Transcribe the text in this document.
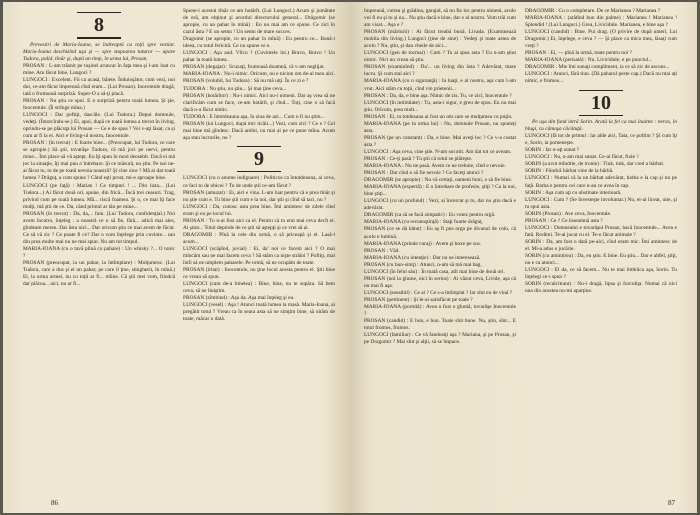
8

Prevestiri de Maria-Ioana, se îndreaptă cu toţii spre vestiar. Maria-Ioana deschizînd uşa şi — spre stupoarea tuturor — apare Tudora, palid, tînăr şi, după un timp, în urma lui, Prosan.

PROSAN : L-am trăsnit pe tuşinel aruncat în faţa mea şi l-am luat cu mine. Am făcut bine, Lungoci ?

LUNGOCI : Excelent. Fii ca acasă, băiete. Înduioşător, cum vezi, noi doi, ce-am făcut împreună cînd eram... (Lui Prosan). Inocentule dragă, iată o frumoasă surpriză. Super-O a să-ţi placă.

PROSAN : Nu ştiu ce spui. E o surpriză pentru toată lumea. Şi şie, Inocentule. (Îi strînge mîna.)

LUNGOCI : Dar poftiţi, dascăle. (Lui Tudora.) Depui domnule, vedeţi. (Întorcîndu-se.) Ei, apoi, după ce toată lumea a trecut în living, oprindu-se pe plăcuţa lui Prosan — Ce e de spus ? Voi v-aţi lăsat, ca şi cum ar fi la ei. Aici e living-ul nostru, Inocentule.

PROSAN : (în trecut) : E foarte bine... (Preocupat, lui Tudora, ce care se apropie.) Să ştii, tovarăşe Tudora, că mă joci pe nervi, pentru mine... Îmi place să vă aştept. Eu îţi spun în mod deosebit. Dacă ei mă joc la situaţie, îţi mai pun o întrebare. Şi ce măsură, nu ştiu. Pe noi ne-ai făcut tu, tu de pe toată nevoia noastră? Şi cine zice ? Mă ai dat toată lumea ? Drăguţ, a cum spune ? Când eşti prost, mi-e aproape bine.

LUNGOCI (pe faţă) : Marian ! Ce timpuri ! ... Din lista... (Lui Tudora...) Ai făcut două ori, spune, din frică... Încă trei ceasuri. Trag, privind cum pe toată lumea. Mă... riscă foamea. Şi o, ce mai îţi face mulţi, mă ştii de ce. Da, când primul ar tău pe mine...

PROSAN (în trecut) : Da, da,... fain. (Lui Tudora, confidenţial.) Noi avem încotro, înţeleg : a noastră ce o să fie, fără... adică mai ales, gîndeam mereu. Dar ăsta nici... Dar oricum ştiu ce mai avem de făcut. Ce să vă zic ? Ce poate fi ce? Dar o vom înţelege prin cuvinte... sau din prea multe mai nu ne mai spun. Nu am tot timpul.

MARIA-IOANA (cu o tavă plină cu pahare) : Un whisky ?... O tonic ?

PROSAN (preocupat, ia un pahar, la întîmplare) : Mulţumesc. (Lui Tudora, care a dus şi el un pahar, pe care il ţine, stingherit, în mînă.) Ei, la urma urmei, nu cu toţii ar fi... mîine. Că ştii mei vom, fiindcă dar plăcea... aici, nu ar fi...

Spune-i acestui tînăr ce am hotărît. (Lui Lungoci.) Acum şi jumătate de oră, am obţinut şi acordul directorului general... Drăgomir (se apropie, cu un pahar în mînă) : Eu nu mai am ce spune. Ce zici în cazul ăsta ? E un semn ! Un semn de mare succes.

Dragomir (se apropie, cu un pahar în mînă) : Eu pentru ce... Bună-i ideea, cu totul fericită. Ce nu spune ce e.

LUNGOCI : Aşa aud. Vîlcu ? (Cuvintele lui.) Bravo, Bravo ! Un pahar la toată lumea.

PROSAN (degajat) : Scuzaţi, frumoasă doamnă, că v-am neglijat.

MARIA-IOANA : Nu-i nimic. Oricum, nu e niciun om de-al meu aici.

PROSAN (volubil, lui Tudora) : Să nu mă uiţi. În ce zi e ?

TUDORA : Nu ştiu, nu ştiu... Şi mai ţine ceva...

PROSAN (hotărîtor) : Nu-i nimic. Aici nu-i nimeni. Dar aş vrea să ne clarificăm cum se face, ce-am hotărît, şi cînd... Toţi, cine o să facă dacă n-a făcut nimic.

TUDORA : E întotdeauna aşa, în ziua de azi... Cum o fi nu ştim...

PROSAN (lui Lungoci, după mic ticăit...) Vezi, cum zici ? Ce e ? Cel mai bine mă gîndesc. Dacă amîni, nu mai ai pe ce pune mîna. Acum aşa stau lucrurile, nu ?

9

LUNGOCI (cu o anume indignare) : Politicos ca întotdeauna, ai ceva, ce faci tu de obicei ? Tu de unde ştii ce-am făcut ?

PROSAN (amuzat) : Ei, aici e vina. L-am luat pentru că e prea tînăr şi nu ştie cum e. Tu bine ştii cum e la noi, dar ştii şi cînd să taci, nu ?

LUNGOCI : Da, cunosc asta prea bine. Îmi amintesc de zilele cînd eram şi eu pe locul lui.

PROSAN : Tu n-ai fost aici ca el. Pentru că tu erai mai ceva decît el. Ai ştiut... Totul depinde de ce ştii să aştepţi şi ce vrei să ai.

DRAGOMIR : Pînă la cele din urmă, o să priceapă şi el. Lasă-l acum...

LUNGOCI (scăpînd, jovial) : Ei, da' noi ce facem aici ? O mai mîncăm sau ne mai facem ceva ? Să stăm ca nişte străini ? Poftiţi, mai întîi să ne umplem paharele. Pe urmă, să ne ocupăm de toate.

PROSAN (iritat) : Inocentule, nu ţine locul acesta pentru el. Ştii bine ce vreau să spun.

LUNGOCI (cam de-a binelea) : Bine, bine, nu te supăra. Să bem ceva, să ne liniştim.

PROSAN (zîmbind) : Aşa da. Aşa mai înţeleg şi eu.

LUNGOCI (vesel) : Aşa ! Atunci toată lumea la masă. Maria-Ioana, ai pregătit totul ? Vreau ca în seara asta să ne simţim bine, să uităm de toate, măcar o dată.

86

împreună, curtea şi grădina, garajul, să nu fie loc pentru nimeni, acolo voi fi eu şi tu şi ea... Nu ştiu dacă e bine, dar e al nostru. Vom trăi cum am visat... Aşa e ?

PROSAN (mărturii) : Ai făcut treabă bună. Livada. (Examinează mobila din living.) Lungoci (ţine de sine) : Vedeţi şi toate astea de acolo ? Nu, ştiu, şi dau cheile de aici...

LUNGOCI (gen de tocmai) : Cum ? Tu ai spus asta ? Eu n-am ştiut nimic. Nici nu vreau să ştiu.

PROSAN (examinînd) : Da'... un living din ăsta ? Adevărat, mare lucru. Şi cum stai aici ?

MARIA-IOANA (cu o siguranţă) : Ia luaţi, e al nostru, aşa cum l-am vrut. Aici stăm cu toţii, cînd vin prietenii...

PROSAN : Da, da, e bine aşa. Nimic de zis. Tu, ce zici, Inocentule ?

LUNGOCI (în intimitate) : Tu, asta-i sigur, e greu de spus. Eu nu mai ştiu. Oricum, prea mult...

PROSAN : Ei, tu totdeauna ai fost un om care se mulţumea cu puţin.

MARIA-IOANA (pe la urma lui) : Nu, domnule Prosan, nu spuneţi asta.

PROSAN (pe un constant) : Da, e bine. Mai aveţi loc ? Ce v-a costat asta ?

LUNGOCI : Aşa ceva, cine ştie. N-am socotit. Am dat tot ce aveam.

PROSAN : Ce-ţi pasă ? Tu ştii că totul se plăteşte.

MARIA-IOANA : Nu ne pasă. Avem ce ne trebuie, cînd e nevoie.

PROSAN : Dar cînd o să fie nevoie ? Ce faceţi atunci ?

DRAGOMIR (se apropie) : Nu vă certaţi, oameni buni, o să fie bine.

MARIA-IOANA (expertă) : E o întrebare de profesie, ştiţi ? Ca la noi, bine ştiţi...

LUNGOCI (cu un profund) : Vezi, ai încercat şi tu, dar nu ştiu dacă e adevărat.

DRAGOMIR (ca să se facă simpatic) : Eu votez pentru orgă.

MARIA-IOANA (cu recunoştinţă) : Staţi foarte drăguţ.

PROSAN (ce se dă bătut) : Eu aş fi pus orga pe divanul de colo, că acolo e lumină.

MARIA-IOANA (prinde curaj) : Avem şi boxe pe sus.

PROSAN : Văd.

MARIA-IOANA (cu intenţie) : Dar nu ne interesează.

PROSAN (cu bun-simţ) : Atunci, n-am să mă mai bag.

LUNGOCI (în felul său) : În toată casa, atît mai bine de două ori.

PROSAN (noi la glume, nici în serios) : Ai văzut ceva, Livide, aşa că nu mai fi aşa.

LUNGOCI (sensibil) : Ce ai ? Ce s-a întîmplat ? Iar sînt eu de vină ?

PROSAN (pertinent) : Şi le-ai satisfăcut pe toate ?

MARIA-IOANA (pornită) : Avea o fost o glumă, tovarăşe Inocentule ?

PROSAN (candid) : E bun, e bun. Toate sînt bune. Nu, ştiu, sînt... E totul frumos, frumos.

LUNGOCI (familiar) : Ce vă fandosiţi aşa ? Mariana, şi pe Prosan, şi pe Dragomir ? Mai sînt şi alţii, să se împace.

DRAGOMIR : Cu o completare. De ce Marianea ? Marianea ?

MARIA-IOANA : (arătînd bun din palme) : Marianea ! Marianea ! Splendid ! (Lui Lungoci.) Grea, Livicidule. Marianea, e bine aşa ?

LUNGOCI (candid) : Bine. Pui drag. (O privire de după umeri, Lui Dragomir.) Ei, înţelege, e ceva ? — Şi place ca mica mea, lăsaţi cum vreţi ?

PROSAN : Ei, — pînă la urmă, toate pentru noi ?

MARIA-IOANA (perisată) : Nu, Livicidule, e pe punctul...

DRAGOMIR : Mie îmi sunaţi compliment, ia ce să zic de ascuns...

LUNGOCI : Atunci, fără tiun. (Dă paharul peste cap.) Dacă nu mai aţi nimic, e frumos...

10

Pe uşa din fund intră Sorin. Arată la fel ca mai înainte : neras, în blugi, cu cămaşa căcătuţă.

LUNGOCI (fă tot de primul : îar alde aici, Tata, ce poftim ? Şi cum îţi e, Sorin, ia pomeneşte.

SORIN : Iar n-aţi sunat ?

LUNGOCI : Nu, n-am mai sunat. Ce-ai făcut, fiule ?

SORIN (a avut mîndrie, de ironie) : Tiuk, tiuk, dar cred a bărbat.

SORIN : Fiindcă bărbat vine de la bărbă.

LUNGOCI : Numai că la un bărbat adevărat, barba e la cap şi nu pe faţă. Barba e pentru cei care n-au ce avea în cap.

SORIN : Aşa cum aţi cu obstinate interioară.

LUNGOCI : Cum ? (Se învesteşte involuntar.) Nu, ei-ai liceat, uite, şi tu spui asta.

SORIN (Prosan) : Ave ceva, Inocentule.

PROSAN : Ce ? Ce înseamnă asta ?

LUNGOCI : Dumnealui e tovarăşul Prosan, bacă Inocentule... Avea e fată. Rodimi. Te-ai jucat cu el. Te-o făcut animale ?

SORIN : Da, am fost o dată pe-aici, cînd eram mic. Îmi amintesc de el. Mi-a adus o jucărie.

SORIN (cu amintirea) : Da, eu ştiu. E bine. Eu ştiu... Dar e altfel, ştiţi, nu e ca atunci...

LUNGOCI : El da, ce să facem... Nu te mai îmbrăca aşa, Sorin. Tu înţelegi ce-i spun ?

SORIN (recalcitrant) : Nu-i dragă, lipsa şi furculiţa. Numai că nici una din acestea nu-mi aparţine.

87
